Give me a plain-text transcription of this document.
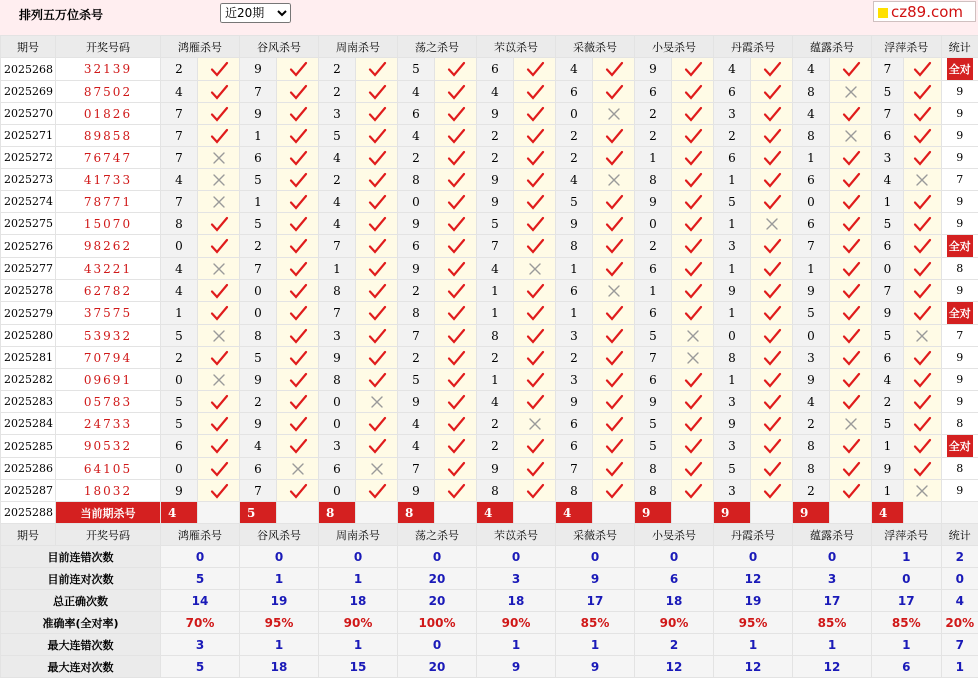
排列五万位杀号
近20期	cz89.com
期号	开奖号码	鸿雁杀号		谷风杀号		周南杀号		荡之杀号		芣苡杀号		采薇杀号		小旻杀号		丹霞杀号		蕴露杀号		浮萍杀号		统计
2025268	32139	2		9		2		5		6		4		9		4		4		7		全对
2025269	87502	4		7		2		4		4		6		6		6		8		5		9
2025270	01826	7		9		3		6		9		0		2		3		4		7		9
2025271	89858	7		1		5		4		2		2		2		2		8		6		9
2025272	76747	7		6		4		2		2		2		1		6		1		3		9
2025273	41733	4		5		2		8		9		4		8		1		6		4		7
2025274	78771	7		1		4		0		9		5		9		5		0		1		9
2025275	15070	8		5		4		9		5		9		0		1		6		5		9
2025276	98262	0		2		7		6		7		8		2		3		7		6		全对
2025277	43221	4		7		1		9		4		1		6		1		1		0		8
2025278	62782	4		0		8		2		1		6		1		9		9		7		9
2025279	37575	1		0		7		8		1		1		6		1		5		9		全对
2025280	53932	5		8		3		7		8		3		5		0		0		5		7
2025281	70794	2		5		9		2		2		2		7		8		3		6		9
2025282	09691	0		9		8		5		1		3		6		1		9		4		9
2025283	05783	5		2		0		9		4		9		9		3		4		2		9
2025284	24733	5		9		0		4		2		6		5		9		2		5		8
2025285	90532	6		4		3		4		2		6		5		3		8		1		全对
2025286	64105	0		6		6		7		9		7		8		5		8		9		8
2025287	18032	9		7		0		9		8		8		8		3		2		1		9
2025288	当前期杀号	4		5		8		8		4		4		9		9		9		4		
期号	开奖号码	鸿雁杀号		谷风杀号		周南杀号		荡之杀号		芣苡杀号		采薇杀号		小旻杀号		丹霞杀号		蕴露杀号		浮萍杀号		统计
目前连错次数		0		0		0		0		0		0		0		0		0		1		2
目前连对次数		5		1		1		20		3		9		6		12		3		0		0
总正确次数		14		19		18		20		18		17		18		19		17		17		4
准确率(全对率)		70%		95%		90%		100%		90%		85%		90%		95%		85%		85%		20%
最大连错次数		3		1		1		0		1		1		2		1		1		1		7
最大连对次数		5		18		15		20		9		9		12		12		12		6		1
